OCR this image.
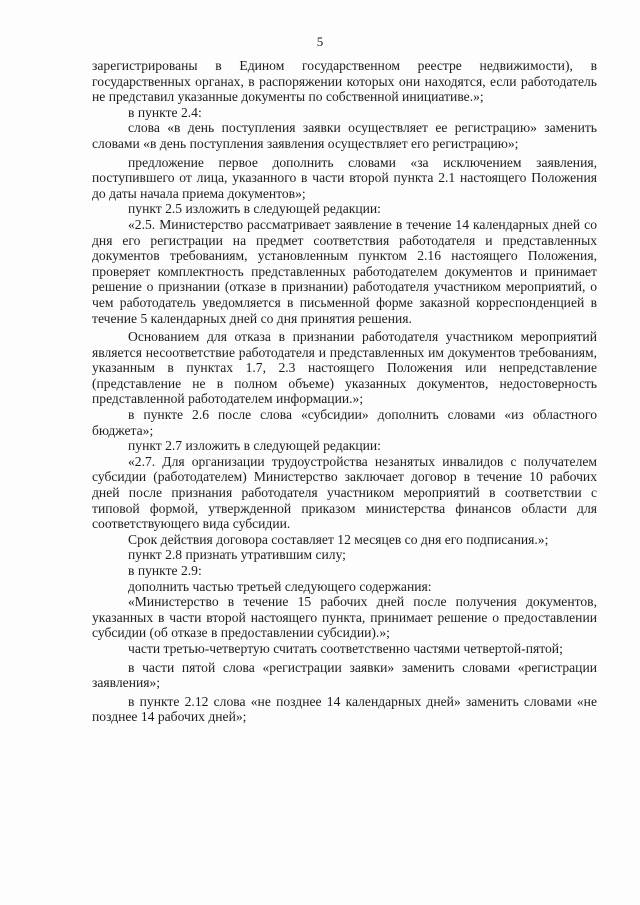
5

зарегистрированы в Едином государственном реестре недвижимости), в государственных органах, в распоряжении которых они находятся, если работодатель не представил указанные документы по собственной инициативе.»;

в пункте 2.4:

слова «в день поступления заявки осуществляет ее регистрацию» заменить словами «в день поступления заявления осуществляет его регистрацию»;

предложение первое дополнить словами «за исключением заявления, поступившего от лица, указанного в части второй пункта 2.1 настоящего Положения до даты начала приема документов»;

пункт 2.5 изложить в следующей редакции:

«2.5. Министерство рассматривает заявление в течение 14 календарных дней со дня его регистрации на предмет соответствия работодателя и представленных документов требованиям, установленным пунктом 2.16 настоящего Положения, проверяет комплектность представленных работодателем документов и принимает решение о признании (отказе в признании) работодателя участником мероприятий, о чем работодатель уведомляется в письменной форме заказной корреспонденцией в течение 5 календарных дней со дня принятия решения.

Основанием для отказа в признании работодателя участником мероприятий является несоответствие работодателя и представленных им документов требованиям, указанным в пунктах 1.7, 2.3 настоящего Положения или непредставление (представление не в полном объеме) указанных документов, недостоверность представленной работодателем информации.»;

в пункте 2.6 после слова «субсидии» дополнить словами «из областного бюджета»;

пункт 2.7 изложить в следующей редакции:

«2.7. Для организации трудоустройства незанятых инвалидов с получателем субсидии (работодателем) Министерство заключает договор в течение 10 рабочих дней после признания работодателя участником мероприятий в соответствии с типовой формой, утвержденной приказом министерства финансов области для соответствующего вида субсидии.

Срок действия договора составляет 12 месяцев со дня его подписания.»;

пункт 2.8 признать утратившим силу;

в пункте 2.9:

дополнить частью третьей следующего содержания:

«Министерство в течение 15 рабочих дней после получения документов, указанных в части второй настоящего пункта, принимает решение о предоставлении субсидии (об отказе в предоставлении субсидии).»;

части третью-четвертую считать соответственно частями четвертой-пятой;

в части пятой слова «регистрации заявки» заменить словами «регистрации заявления»;

в пункте 2.12 слова «не позднее 14 календарных дней» заменить словами «не позднее 14 рабочих дней»;
